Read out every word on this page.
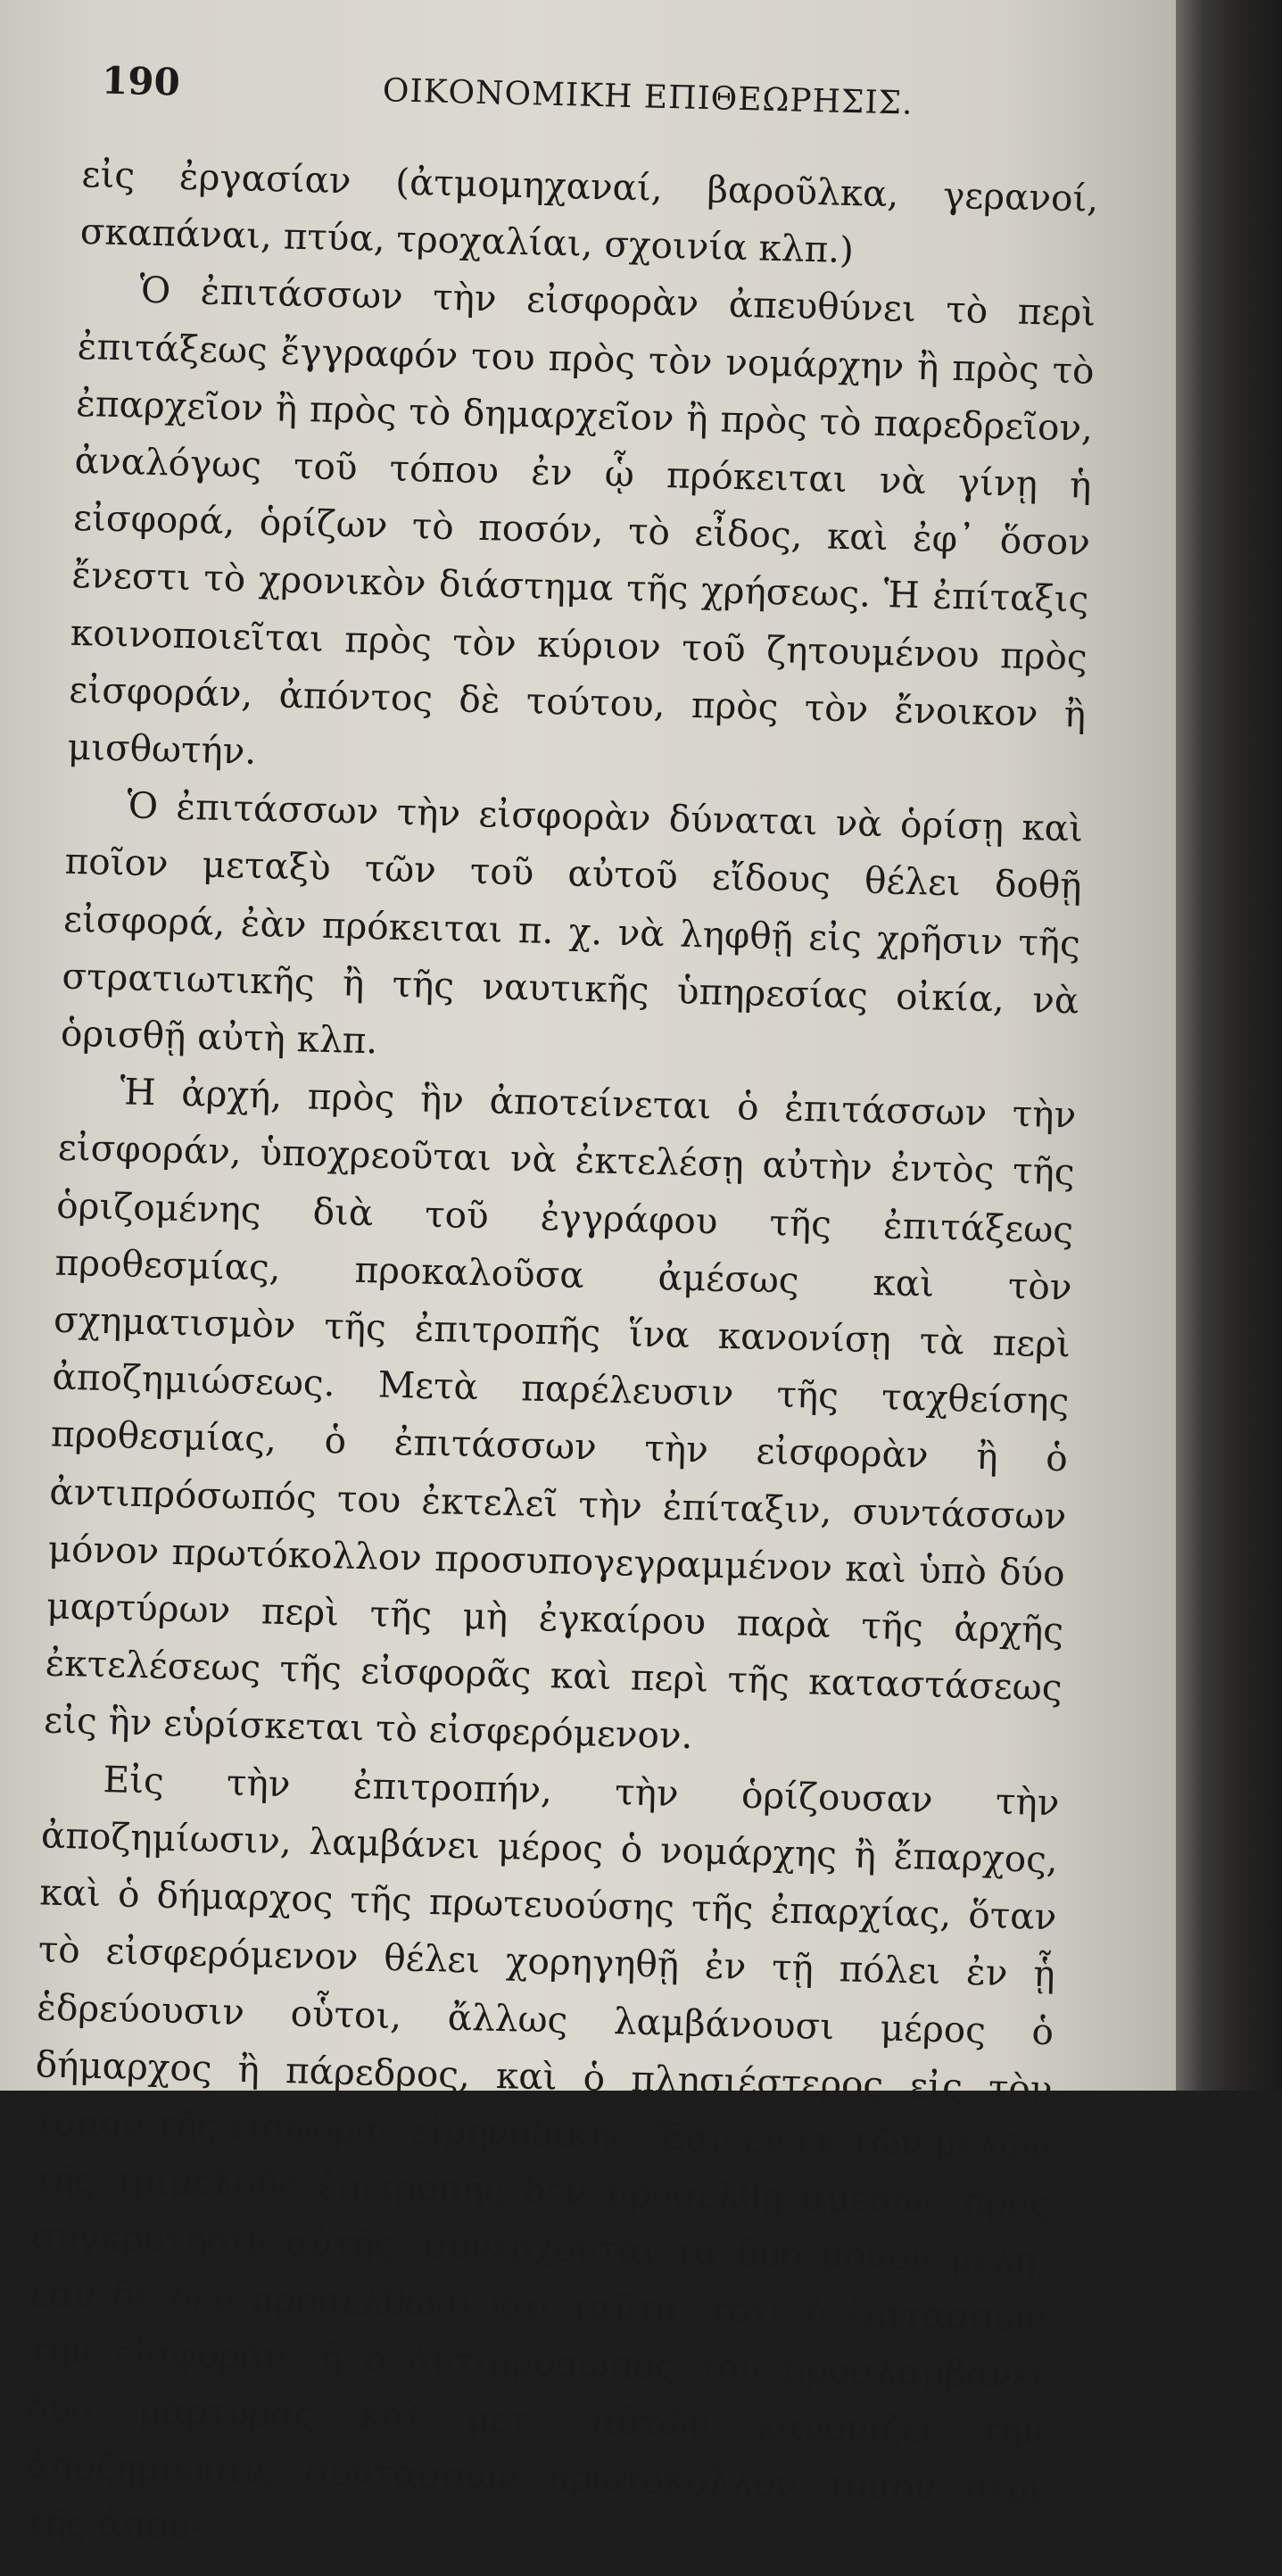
190	ΟΙΚΟΝΟΜΙΚΗ ΕΠΙΘΕΩΡΗΣΙΣ.

εἰς ἐργασίαν (ἀτμομηχαναί, βαροῦλκα, γερανοί, σκαπάναι, πτύα, τροχαλίαι, σχοινία κλπ.)

Ὁ ἐπιτάσσων τὴν εἰσφορὰν ἀπευθύνει τὸ περὶ ἐπιτάξεως ἔγγραφόν του πρὸς τὸν νομάρχην ἢ πρὸς τὸ ἐπαρχεῖον ἢ πρὸς τὸ δημαρχεῖον ἢ πρὸς τὸ παρεδρεῖον, ἀναλόγως τοῦ τόπου ἐν ᾧ πρόκειται νὰ γίνῃ ἡ εἰσφορά, ὁρίζων τὸ ποσόν, τὸ εἶδος, καὶ ἐφ᾽ ὅσον ἔνεστι τὸ χρονικὸν διάστημα τῆς χρήσεως. Ἡ ἐπίταξις κοινοποιεῖται πρὸς τὸν κύριον τοῦ ζητουμένου πρὸς εἰσφοράν, ἀπόντος δὲ τούτου, πρὸς τὸν ἔνοικον ἢ μισθωτήν.

Ὁ ἐπιτάσσων τὴν εἰσφορὰν δύναται νὰ ὁρίσῃ καὶ ποῖον μεταξὺ τῶν τοῦ αὐτοῦ εἴδους θέλει δοθῇ εἰσφορά, ἐὰν πρόκειται π. χ. νὰ ληφθῇ εἰς χρῆσιν τῆς στρατιωτικῆς ἢ τῆς ναυτικῆς ὑπηρεσίας οἰκία, νὰ ὁρισθῇ αὐτὴ κλπ.

Ἡ ἀρχή, πρὸς ἣν ἀποτείνεται ὁ ἐπιτάσσων τὴν εἰσφοράν, ὑποχρεοῦται νὰ ἐκτελέσῃ αὐτὴν ἐντὸς τῆς ὁριζομένης διὰ τοῦ ἐγγράφου τῆς ἐπιτάξεως προθεσμίας, προκαλοῦσα ἀμέσως καὶ τὸν σχηματισμὸν τῆς ἐπιτροπῆς ἵνα κανονίσῃ τὰ περὶ ἀποζημιώσεως. Μετὰ παρέλευσιν τῆς ταχθείσης προθεσμίας, ὁ ἐπιτάσσων τὴν εἰσφορὰν ἢ ὁ ἀντιπρόσωπός του ἐκτελεῖ τὴν ἐπίταξιν, συντάσσων μόνον πρωτόκολλον προσυπογεγραμμένον καὶ ὑπὸ δύο μαρτύρων περὶ τῆς μὴ ἐγκαίρου παρὰ τῆς ἀρχῆς ἐκτελέσεως τῆς εἰσφορᾶς καὶ περὶ τῆς καταστάσεως εἰς ἣν εὑρίσκεται τὸ εἰσφερόμενον.

Εἰς τὴν ἐπιτροπήν, τὴν ὁρίζουσαν τὴν ἀποζημίωσιν, λαμβάνει μέρος ὁ νομάρχης ἢ ἔπαρχος, καὶ ὁ δήμαρχος τῆς πρωτευούσης τῆς ἐπαρχίας, ὅταν τὸ εἰσφερόμενον θέλει χορηγηθῇ ἐν τῇ πόλει ἐν ᾗ ἑδρεύουσιν οὗτοι, ἄλλως λαμβάνουσι μέρος ὁ δήμαρχος ἢ πάρεδρος, καὶ ὁ πλησιέστερος εἰς τὸν τόπον τῆς εἰσφορᾶς εἰρηνοδίκης. Ἐὰν ἓν ἐκ τῶν μελῶν τῆς τριμελοῦς ἐπιτροπῆς δὲν προσέλθῃ ἀμέσως πρὸς συγκρότησιν αὐτῆς, συνέρχονται τὰ δύο μόνον μέλη, ἐὰν δὲ δὲν προσέλθωσι καὶ ταῦτα, τότε ὁ ἐπιτάσσων τὴν εἰσφοράν, ἢ ὁ ἀντιπρόσωπός του προσλαμβάνει δύο μάρτυρας καὶ μετ᾽ αὐτῶν κανονίζει τὴν ἀποζημίωσιν, συντάσσων πρωτόκολλον τόσον περὶ τῆς ἀπου-
